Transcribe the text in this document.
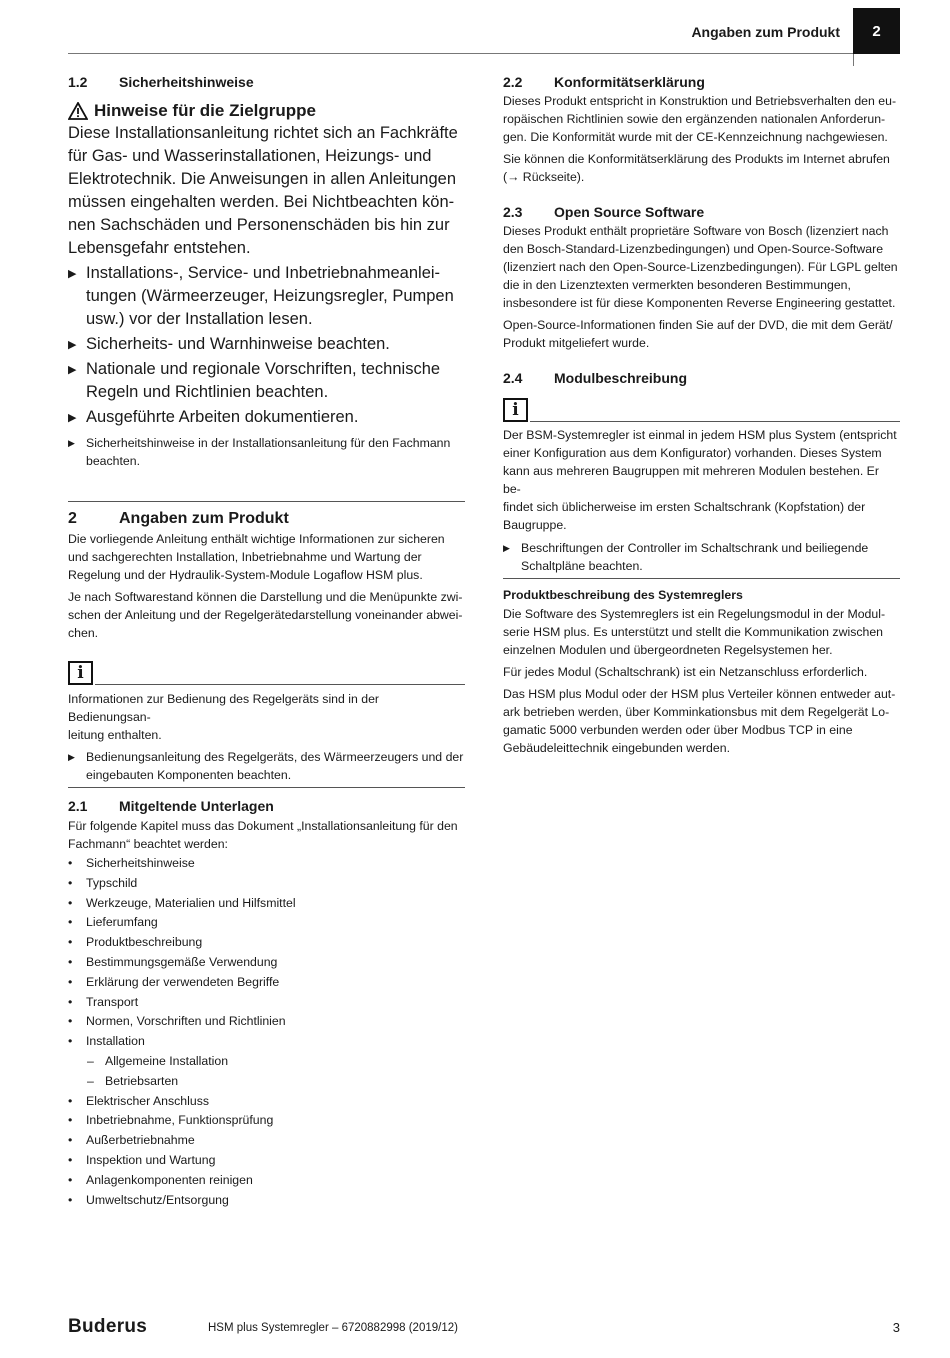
Angaben zum Produkt	2

1.2 Sicherheitshinweise

Hinweise für die Zielgruppe

Diese Installationsanleitung richtet sich an Fachkräfte
für Gas- und Wasserinstallationen, Heizungs- und
Elektrotechnik. Die Anweisungen in allen Anleitungen
müssen eingehalten werden. Bei Nichtbeachten kön-
nen Sachschäden und Personenschäden bis hin zur
Lebensgefahr entstehen.

▶ Installations-, Service- und Inbetriebnahmeanlei-
tungen (Wärmeerzeuger, Heizungsregler, Pumpen
usw.) vor der Installation lesen.

▶ Sicherheits- und Warnhinweise beachten.

▶ Nationale und regionale Vorschriften, technische
Regeln und Richtlinien beachten.

▶ Ausgeführte Arbeiten dokumentieren.

▶ Sicherheitshinweise in der Installationsanleitung für den Fachmann
beachten.

2	Angaben zum Produkt

Die vorliegende Anleitung enthält wichtige Informationen zur sicheren
und sachgerechten Installation, Inbetriebnahme und Wartung der
Regelung und der Hydraulik-System-Module Logaflow HSM plus.

Je nach Softwarestand können die Darstellung und die Menüpunkte zwi-
schen der Anleitung und der Regelgerätedarstellung voneinander abwei-
chen.

i

Informationen zur Bedienung des Regelgeräts sind in der Bedienungsan-
leitung enthalten.

▶ Bedienungsanleitung des Regelgeräts, des Wärmeerzeugers und der
eingebauten Komponenten beachten.

2.1 Mitgeltende Unterlagen

Für folgende Kapitel muss das Dokument „Installationsanleitung für den
Fachmann“ beachtet werden:

• Sicherheitshinweise

• Typschild

• Werkzeuge, Materialien und Hilfsmittel

• Lieferumfang

• Produktbeschreibung

• Bestimmungsgemäße Verwendung

• Erklärung der verwendeten Begriffe

• Transport

• Normen, Vorschriften und Richtlinien

• Installation

– Allgemeine Installation

– Betriebsarten

• Elektrischer Anschluss

• Inbetriebnahme, Funktionsprüfung

• Außerbetriebnahme

• Inspektion und Wartung

• Anlagenkomponenten reinigen

• Umweltschutz/Entsorgung

2.2 Konformitätserklärung

Dieses Produkt entspricht in Konstruktion und Betriebsverhalten den eu-
ropäischen Richtlinien sowie den ergänzenden nationalen Anforderun-
gen. Die Konformität wurde mit der CE-Kennzeichnung nachgewiesen.

Sie können die Konformitätserklärung des Produkts im Internet abrufen
(→ Rückseite).

2.3 Open Source Software

Dieses Produkt enthält proprietäre Software von Bosch (lizenziert nach
den Bosch-Standard-Lizenzbedingungen) und Open-Source-Software
(lizenziert nach den Open-Source-Lizenzbedingungen). Für LGPL gelten
die in den Lizenztexten vermerkten besonderen Bestimmungen,
insbesondere ist für diese Komponenten Reverse Engineering gestattet.

Open-Source-Informationen finden Sie auf der DVD, die mit dem Gerät/
Produkt mitgeliefert wurde.

2.4 Modulbeschreibung

i

Der BSM-Systemregler ist einmal in jedem HSM plus System (entspricht
einer Konfiguration aus dem Konfigurator) vorhanden. Dieses System
kann aus mehreren Baugruppen mit mehreren Modulen bestehen. Er be-
findet sich üblicherweise im ersten Schaltschrank (Kopfstation) der
Baugruppe.

▶ Beschriftungen der Controller im Schaltschrank und beiliegende
Schaltpläne beachten.

Produktbeschreibung des Systemreglers

Die Software des Systemreglers ist ein Regelungsmodul in der Modul-
serie HSM plus. Es unterstützt und stellt die Kommunikation zwischen
einzelnen Modulen und übergeordneten Regelsystemen her.

Für jedes Modul (Schaltschrank) ist ein Netzanschluss erforderlich.

Das HSM plus Modul oder der HSM plus Verteiler können entweder aut-
ark betrieben werden, über Komminkationsbus mit dem Regelgerät Lo-
gamatic 5000 verbunden werden oder über Modbus TCP in eine
Gebäudeleittechnik eingebunden werden.

Buderus	HSM plus Systemregler – 6720882998 (2019/12)	3
